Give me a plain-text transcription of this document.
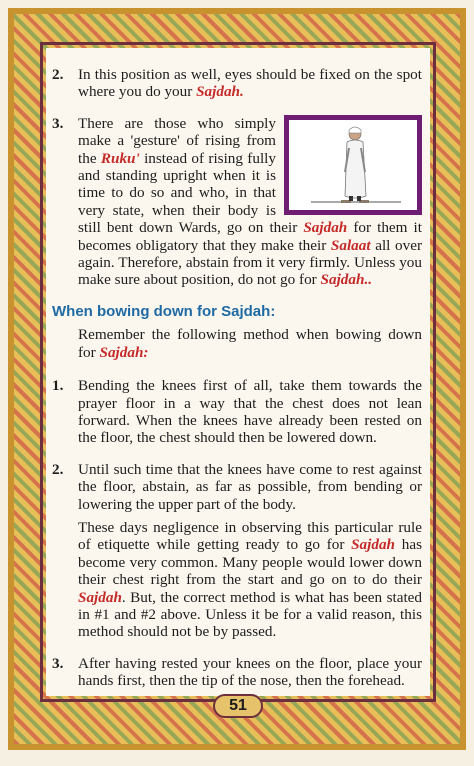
2. In this position as well, eyes should be fixed on the spot where you do your Sajdah.
3. There are those who simply make a 'gesture' of rising from the Ruku' instead of rising fully and standing upright when it is time to do so and who, in that very state, when their body is still bent down Wards, go on their Sajdah for them it becomes obligatory that they make their Salaat all over again. Therefore, abstain from it very firmly. Unless you make sure about position, do not go for Sajdah..
When bowing down for Sajdah:
Remember the following method when bowing down for Sajdah:
1. Bending the knees first of all, take them towards the prayer floor in a way that the chest does not lean forward. When the knees have already been rested on the floor, the chest should then be lowered down.
2. Until such time that the knees have come to rest against the floor, abstain, as far as possible, from bending or lowering the upper part of the body.
These days negligence in observing this particular rule of etiquette while getting ready to go for Sajdah has become very common. Many people would lower down their chest right from the start and go on to do their Sajdah. But, the correct method is what has been stated in #1 and #2 above. Unless it be for a valid reason, this method should not be by passed.
3. After having rested your knees on the floor, place your hands first, then the tip of the nose, then the forehead.
51
